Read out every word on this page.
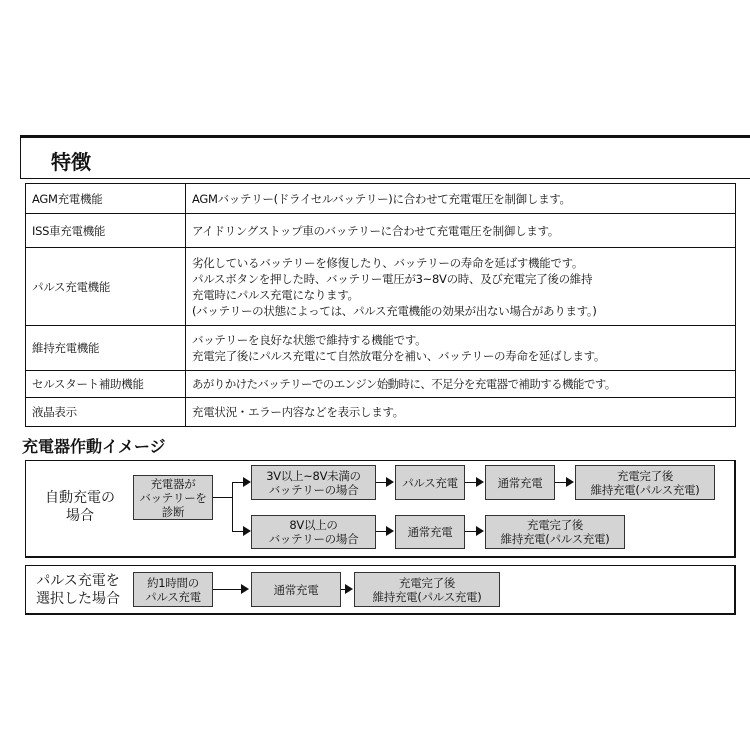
特徴
AGM充電機能	AGMバッテリー(ドライセルバッテリー)に合わせて充電電圧を制御します。
ISS車充電機能	アイドリングストップ車のバッテリーに合わせて充電電圧を制御します。
パルス充電機能	劣化しているバッテリーを修復したり、バッテリーの寿命を延ばす機能です。
パルスボタンを押した時、バッテリー電圧が3~8Vの時、及び充電完了後の維持
充電時にパルス充電になります。
(バッテリーの状態によっては、パルス充電機能の効果が出ない場合があります。)

維持充電機能	バッテリーを良好な状態で維持する機能です。
充電完了後にパルス充電にて自然放電分を補い、バッテリーの寿命を延ばします。

セルスタート補助機能	あがりかけたバッテリーでのエンジン始動時に、不足分を充電器で補助する機能です。
液晶表示	充電状況・エラー内容などを表示します。
充電器作動イメージ
自動充電の
場合
充電器が
バッテリーを
診断
3V以上~8V未満の
バッテリーの場合	パルス充電	通常充電	充電完了後
維持充電(パルス充電)
8V以上の
バッテリーの場合	通常充電	充電完了後
維持充電(パルス充電)
パルス充電を
選択した場合
約1時間の
パルス充電	通常充電	充電完了後
維持充電(パルス充電)
